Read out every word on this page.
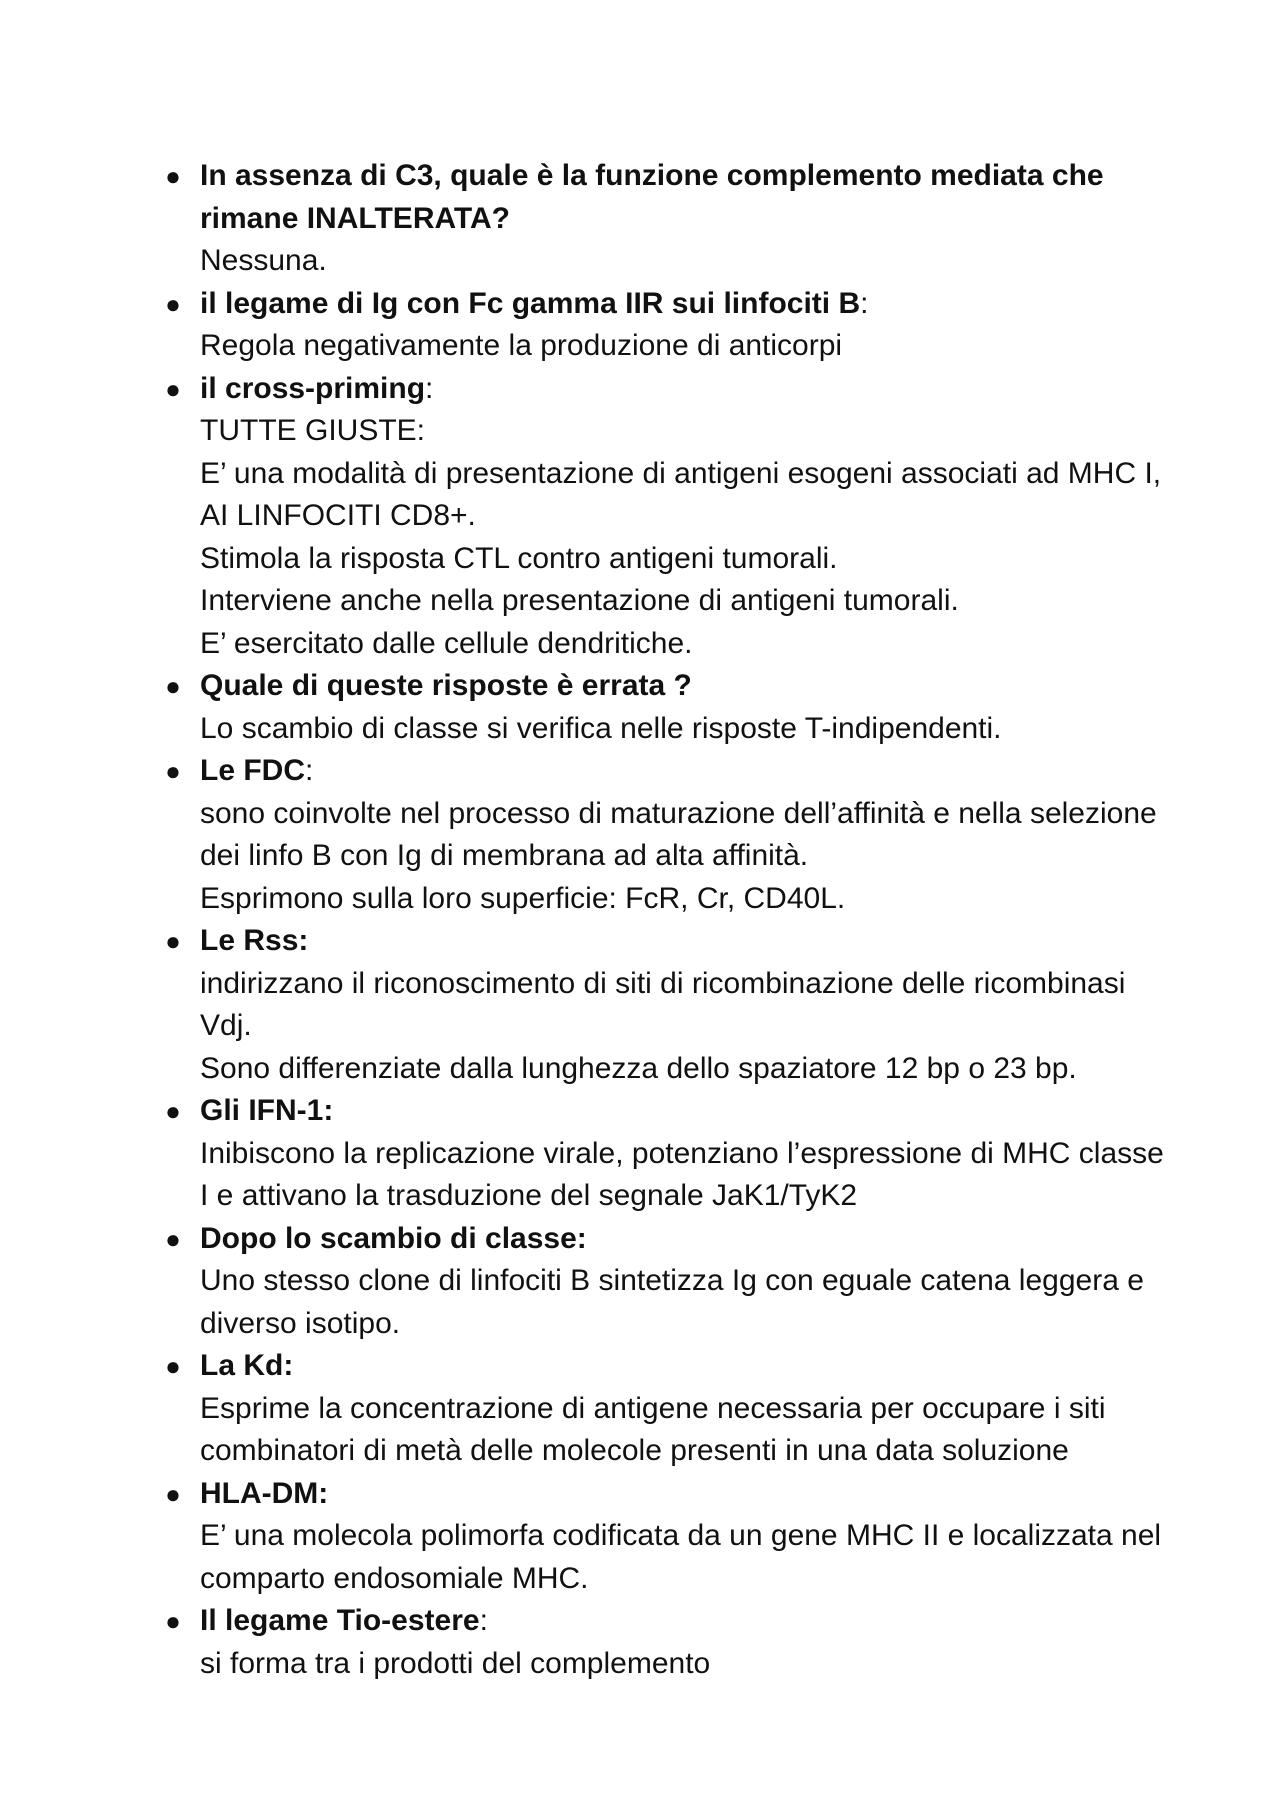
● In assenza di C3, quale è la funzione complemento mediata che rimane INALTERATA?
Nessuna.
● il legame di Ig con Fc gamma IIR sui linfociti B:
Regola negativamente la produzione di anticorpi
● il cross-priming:
TUTTE GIUSTE:
E’ una modalità di presentazione di antigeni esogeni associati ad MHC I, AI LINFOCITI CD8+.
Stimola la risposta CTL contro antigeni tumorali.
Interviene anche nella presentazione di antigeni tumorali.
E’ esercitato dalle cellule dendritiche.
● Quale di queste risposte è errata ?
Lo scambio di classe si verifica nelle risposte T-indipendenti.
● Le FDC:
sono coinvolte nel processo di maturazione dell’affinità e nella selezione dei linfo B con Ig di membrana ad alta affinità.
Esprimono sulla loro superficie: FcR, Cr, CD40L.
● Le Rss:
indirizzano il riconoscimento di siti di ricombinazione delle ricombinasi Vdj.
Sono differenziate dalla lunghezza dello spaziatore 12 bp o 23 bp.
● Gli IFN-1:
Inibiscono la replicazione virale, potenziano l’espressione di MHC classe I e attivano la trasduzione del segnale JaK1/TyK2
● Dopo lo scambio di classe:
Uno stesso clone di linfociti B sintetizza Ig con eguale catena leggera e diverso isotipo.
● La Kd:
Esprime la concentrazione di antigene necessaria per occupare i siti combinatori di metà delle molecole presenti in una data soluzione
● HLA-DM:
E’ una molecola polimorfa codificata da un gene MHC II e localizzata nel comparto endosomiale MHC.
● Il legame Tio-estere:
si forma tra i prodotti del complemento
